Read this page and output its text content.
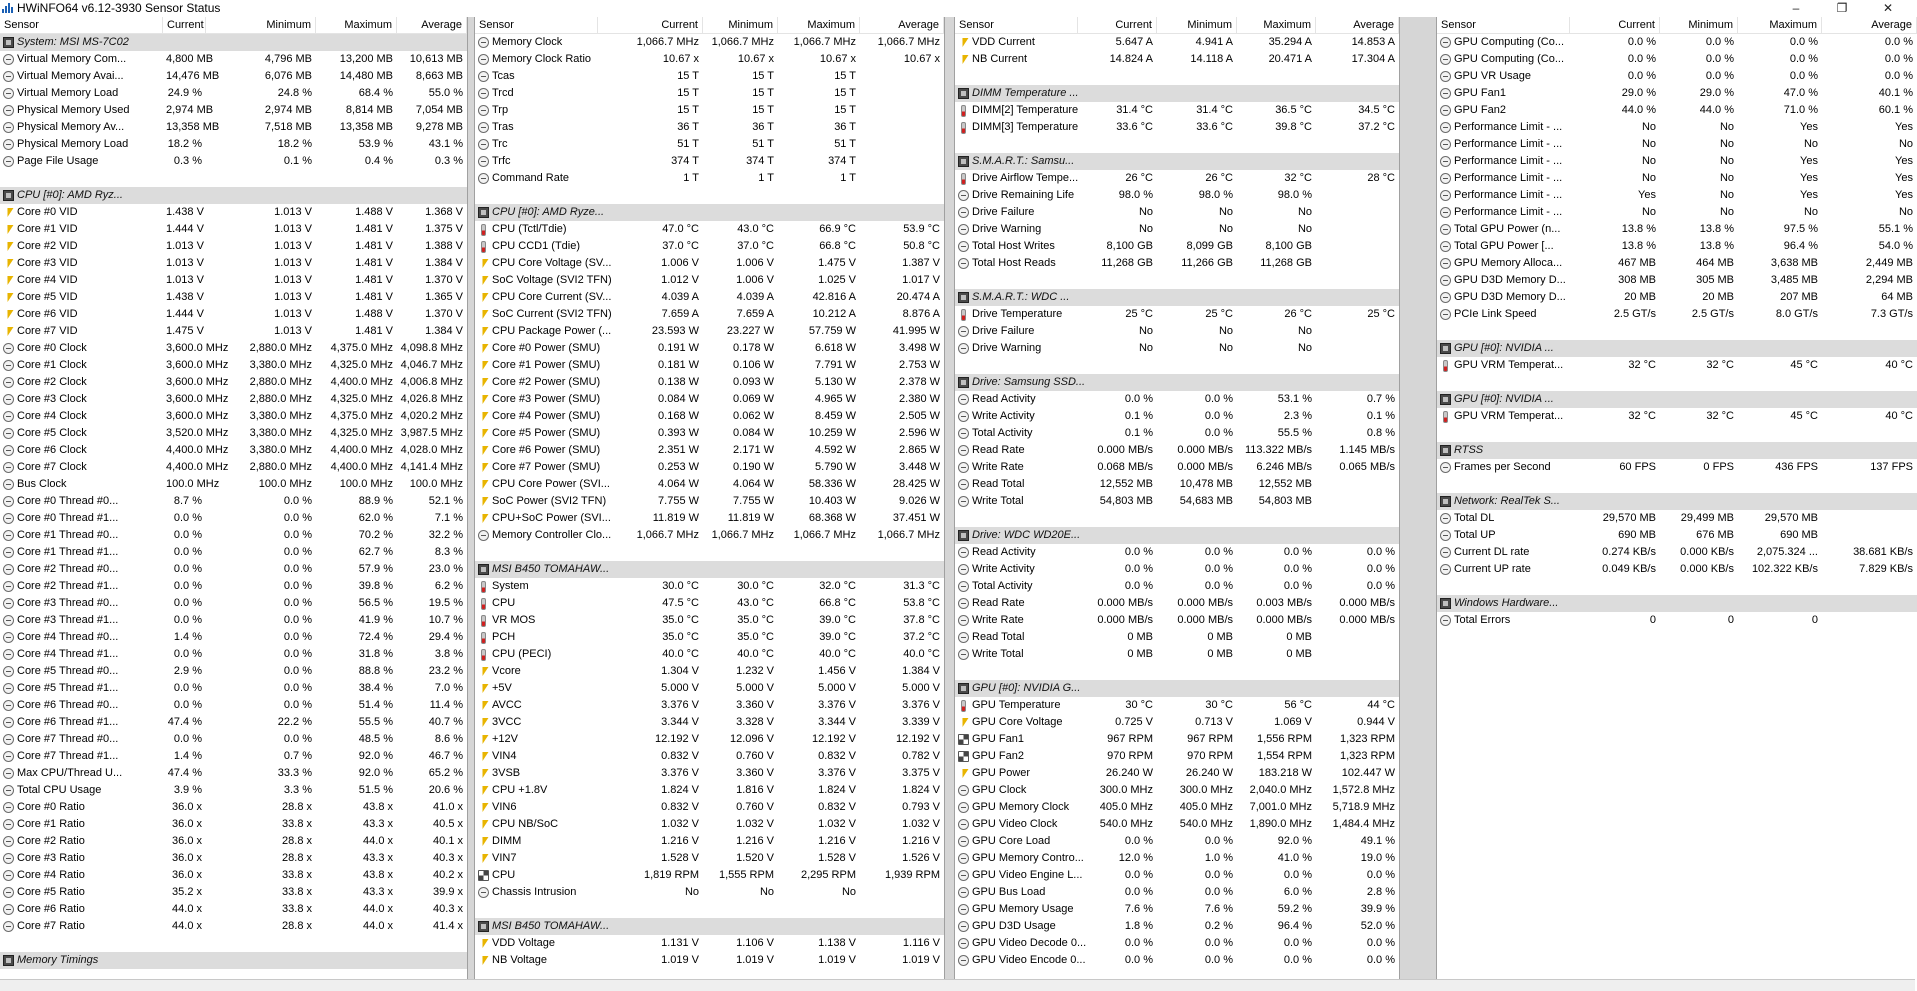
HWiNFO64 v6.12-3930 Sensor Status	–	❐	✕
Sensor	Current	Minimum	Maximum	Average
System: MSI MS-7C02
Virtual Memory Com...	4,800 MB	4,796 MB	13,200 MB	10,613 MB
Virtual Memory Avai...	14,476 MB	6,076 MB	14,480 MB	8,663 MB
Virtual Memory Load	24.9 %	24.8 %	68.4 %	55.0 %
Physical Memory Used	2,974 MB	2,974 MB	8,814 MB	7,054 MB
Physical Memory Av...	13,358 MB	7,518 MB	13,358 MB	9,278 MB
Physical Memory Load	18.2 %	18.2 %	53.9 %	43.1 %
Page File Usage	0.3 %	0.1 %	0.4 %	0.3 %
CPU [#0]: AMD Ryz...
Core #0 VID	1.438 V	1.013 V	1.488 V	1.368 V
Core #1 VID	1.444 V	1.013 V	1.481 V	1.375 V
Core #2 VID	1.013 V	1.013 V	1.481 V	1.388 V
Core #3 VID	1.013 V	1.013 V	1.481 V	1.384 V
Core #4 VID	1.013 V	1.013 V	1.481 V	1.370 V
Core #5 VID	1.438 V	1.013 V	1.481 V	1.365 V
Core #6 VID	1.444 V	1.013 V	1.488 V	1.370 V
Core #7 VID	1.475 V	1.013 V	1.481 V	1.384 V
Core #0 Clock	3,600.0 MHz	2,880.0 MHz	4,375.0 MHz 4,098.8 MHz
Core #1 Clock	3,600.0 MHz	3,380.0 MHz	4,325.0 MHz 4,046.7 MHz
Core #2 Clock	3,600.0 MHz	2,880.0 MHz	4,400.0 MHz 4,006.8 MHz
Core #3 Clock	3,600.0 MHz	2,880.0 MHz	4,325.0 MHz 4,026.8 MHz
Core #4 Clock	3,600.0 MHz	3,380.0 MHz	4,375.0 MHz 4,020.2 MHz
Core #5 Clock	3,520.0 MHz	3,380.0 MHz	4,325.0 MHz 3,987.5 MHz
Core #6 Clock	4,400.0 MHz	3,380.0 MHz	4,400.0 MHz 4,028.0 MHz
Core #7 Clock	4,400.0 MHz	2,880.0 MHz	4,400.0 MHz 4,141.4 MHz
Bus Clock	100.0 MHz	100.0 MHz	100.0 MHz	100.0 MHz
Core #0 Thread #0...	8.7 %	0.0 %	88.9 %	52.1 %
Core #0 Thread #1...	0.0 %	0.0 %	62.0 %	7.1 %
Core #1 Thread #0...	0.0 %	0.0 %	70.2 %	32.2 %
Core #1 Thread #1...	0.0 %	0.0 %	62.7 %	8.3 %
Core #2 Thread #0...	0.0 %	0.0 %	57.9 %	23.0 %
Core #2 Thread #1...	0.0 %	0.0 %	39.8 %	6.2 %
Core #3 Thread #0...	0.0 %	0.0 %	56.5 %	19.5 %
Core #3 Thread #1...	0.0 %	0.0 %	41.9 %	10.7 %
Core #4 Thread #0...	1.4 %	0.0 %	72.4 %	29.4 %
Core #4 Thread #1...	0.0 %	0.0 %	31.8 %	3.8 %
Core #5 Thread #0...	2.9 %	0.0 %	88.8 %	23.2 %
Core #5 Thread #1...	0.0 %	0.0 %	38.4 %	7.0 %
Core #6 Thread #0...	0.0 %	0.0 %	51.4 %	11.4 %
Core #6 Thread #1...	47.4 %	22.2 %	55.5 %	40.7 %
Core #7 Thread #0...	0.0 %	0.0 %	48.5 %	8.6 %
Core #7 Thread #1...	1.4 %	0.7 %	92.0 %	46.7 %
Max CPU/Thread U...	47.4 %	33.3 %	92.0 %	65.2 %
Total CPU Usage	3.9 %	3.3 %	51.5 %	20.6 %
Core #0 Ratio	36.0 x	28.8 x	43.8 x	41.0 x
Core #1 Ratio	36.0 x	33.8 x	43.3 x	40.5 x
Core #2 Ratio	36.0 x	28.8 x	44.0 x	40.1 x
Core #3 Ratio	36.0 x	28.8 x	43.3 x	40.3 x
Core #4 Ratio	36.0 x	33.8 x	43.8 x	40.2 x
Core #5 Ratio	35.2 x	33.8 x	43.3 x	39.9 x
Core #6 Ratio	44.0 x	33.8 x	44.0 x	40.3 x
Core #7 Ratio	44.0 x	28.8 x	44.0 x	41.4 x
Memory Timings
Sensor	Current	Minimum	Maximum	Average
Memory Clock	1,066.7 MHz	1,066.7 MHz	1,066.7 MHz	1,066.7 MHz
Memory Clock Ratio	10.67 x	10.67 x	10.67 x	10.67 x
Tcas	15 T	15 T	15 T
Trcd	15 T	15 T	15 T
Trp	15 T	15 T	15 T
Tras	36 T	36 T	36 T
Trc	51 T	51 T	51 T
Trfc	374 T	374 T	374 T
Command Rate	1 T	1 T	1 T
CPU [#0]: AMD Ryze...
CPU (Tctl/Tdie)	47.0 °C	43.0 °C	66.9 °C	53.9 °C
CPU CCD1 (Tdie)	37.0 °C	37.0 °C	66.8 °C	50.8 °C
CPU Core Voltage (SV...	1.006 V	1.006 V	1.475 V	1.387 V
SoC Voltage (SVI2 TFN)	1.012 V	1.006 V	1.025 V	1.017 V
CPU Core Current (SV...	4.039 A	4.039 A	42.816 A	20.474 A
SoC Current (SVI2 TFN)	7.659 A	7.659 A	10.212 A	8.876 A
CPU Package Power (...	23.593 W	23.227 W	57.759 W	41.995 W
Core #0 Power (SMU)	0.191 W	0.178 W	6.618 W	3.498 W
Core #1 Power (SMU)	0.181 W	0.106 W	7.791 W	2.753 W
Core #2 Power (SMU)	0.138 W	0.093 W	5.130 W	2.378 W
Core #3 Power (SMU)	0.084 W	0.069 W	4.965 W	2.380 W
Core #4 Power (SMU)	0.168 W	0.062 W	8.459 W	2.505 W
Core #5 Power (SMU)	0.393 W	0.084 W	10.259 W	2.596 W
Core #6 Power (SMU)	2.351 W	2.171 W	4.592 W	2.865 W
Core #7 Power (SMU)	0.253 W	0.190 W	5.790 W	3.448 W
CPU Core Power (SVI...	4.064 W	4.064 W	58.336 W	28.425 W
SoC Power (SVI2 TFN)	7.755 W	7.755 W	10.403 W	9.026 W
CPU+SoC Power (SVI...	11.819 W	11.819 W	68.368 W	37.451 W
Memory Controller Clo...	1,066.7 MHz	1,066.7 MHz	1,066.7 MHz	1,066.7 MHz
MSI B450 TOMAHAW...
System	30.0 °C	30.0 °C	32.0 °C	31.3 °C
CPU	47.5 °C	43.0 °C	66.8 °C	53.8 °C
VR MOS	35.0 °C	35.0 °C	39.0 °C	37.8 °C
PCH	35.0 °C	35.0 °C	39.0 °C	37.2 °C
CPU (PECI)	40.0 °C	40.0 °C	40.0 °C	40.0 °C
Vcore	1.304 V	1.232 V	1.456 V	1.384 V
+5V	5.000 V	5.000 V	5.000 V	5.000 V
AVCC	3.376 V	3.360 V	3.376 V	3.376 V
3VCC	3.344 V	3.328 V	3.344 V	3.339 V
+12V	12.192 V	12.096 V	12.192 V	12.192 V
VIN4	0.832 V	0.760 V	0.832 V	0.782 V
3VSB	3.376 V	3.360 V	3.376 V	3.375 V
CPU +1.8V	1.824 V	1.816 V	1.824 V	1.824 V
VIN6	0.832 V	0.760 V	0.832 V	0.793 V
CPU NB/SoC	1.032 V	1.032 V	1.032 V	1.032 V
DIMM	1.216 V	1.216 V	1.216 V	1.216 V
VIN7	1.528 V	1.520 V	1.528 V	1.526 V
CPU	1,819 RPM	1,555 RPM	2,295 RPM	1,939 RPM
Chassis Intrusion	No	No	No
MSI B450 TOMAHAW...
VDD Voltage	1.131 V	1.106 V	1.138 V	1.116 V
NB Voltage	1.019 V	1.019 V	1.019 V	1.019 V
Sensor	Current	Minimum	Maximum	Average
VDD Current	5.647 A	4.941 A	35.294 A	14.853 A
NB Current	14.824 A	14.118 A	20.471 A	17.304 A
DIMM Temperature ...
DIMM[2] Temperature	31.4 °C	31.4 °C	36.5 °C	34.5 °C
DIMM[3] Temperature	33.6 °C	33.6 °C	39.8 °C	37.2 °C
S.M.A.R.T.: Samsu...
Drive Airflow Tempe...	26 °C	26 °C	32 °C	28 °C
Drive Remaining Life	98.0 %	98.0 %	98.0 %
Drive Failure	No	No	No
Drive Warning	No	No	No
Total Host Writes	8,100 GB	8,099 GB	8,100 GB
Total Host Reads	11,268 GB	11,266 GB	11,268 GB
S.M.A.R.T.: WDC ...
Drive Temperature	25 °C	25 °C	26 °C	25 °C
Drive Failure	No	No	No
Drive Warning	No	No	No
Drive: Samsung SSD...
Read Activity	0.0 %	0.0 %	53.1 %	0.7 %
Write Activity	0.1 %	0.0 %	2.3 %	0.1 %
Total Activity	0.1 %	0.0 %	55.5 %	0.8 %
Read Rate	0.000 MB/s	0.000 MB/s	113.322 MB/s	1.145 MB/s
Write Rate	0.068 MB/s	0.000 MB/s	6.246 MB/s	0.065 MB/s
Read Total	12,552 MB	10,478 MB	12,552 MB
Write Total	54,803 MB	54,683 MB	54,803 MB
Drive: WDC WD20E...
Read Activity	0.0 %	0.0 %	0.0 %	0.0 %
Write Activity	0.0 %	0.0 %	0.0 %	0.0 %
Total Activity	0.0 %	0.0 %	0.0 %	0.0 %
Read Rate	0.000 MB/s	0.000 MB/s	0.003 MB/s	0.000 MB/s
Write Rate	0.000 MB/s	0.000 MB/s	0.000 MB/s	0.000 MB/s
Read Total	0 MB	0 MB	0 MB
Write Total	0 MB	0 MB	0 MB
GPU [#0]: NVIDIA G...
GPU Temperature	30 °C	30 °C	56 °C	44 °C
GPU Core Voltage	0.725 V	0.713 V	1.069 V	0.944 V
GPU Fan1	967 RPM	967 RPM	1,556 RPM	1,323 RPM
GPU Fan2	970 RPM	970 RPM	1,554 RPM	1,323 RPM
GPU Power	26.240 W	26.240 W	183.218 W	102.447 W
GPU Clock	300.0 MHz	300.0 MHz	2,040.0 MHz	1,572.8 MHz
GPU Memory Clock	405.0 MHz	405.0 MHz	7,001.0 MHz	5,718.9 MHz
GPU Video Clock	540.0 MHz	540.0 MHz	1,890.0 MHz	1,484.4 MHz
GPU Core Load	0.0 %	0.0 %	92.0 %	49.1 %
GPU Memory Contro...	12.0 %	1.0 %	41.0 %	19.0 %
GPU Video Engine L...	0.0 %	0.0 %	0.0 %	0.0 %
GPU Bus Load	0.0 %	0.0 %	6.0 %	2.8 %
GPU Memory Usage	7.6 %	7.6 %	59.2 %	39.9 %
GPU D3D Usage	1.8 %	0.2 %	96.4 %	52.0 %
GPU Video Decode 0...	0.0 %	0.0 %	0.0 %	0.0 %
GPU Video Encode 0...	0.0 %	0.0 %	0.0 %	0.0 %
Sensor	Current	Minimum	Maximum	Average
GPU Computing (Co...	0.0 %	0.0 %	0.0 %	0.0 %
GPU Computing (Co...	0.0 %	0.0 %	0.0 %	0.0 %
GPU VR Usage	0.0 %	0.0 %	0.0 %	0.0 %
GPU Fan1	29.0 %	29.0 %	47.0 %	40.1 %
GPU Fan2	44.0 %	44.0 %	71.0 %	60.1 %
Performance Limit - ...	No	No	Yes	Yes
Performance Limit - ...	No	No	No	No
Performance Limit - ...	No	No	Yes	Yes
Performance Limit - ...	No	No	Yes	Yes
Performance Limit - ...	Yes	No	Yes	Yes
Performance Limit - ...	No	No	No	No
Total GPU Power (n...	13.8 %	13.8 %	97.5 %	55.1 %
Total GPU Power [...	13.8 %	13.8 %	96.4 %	54.0 %
GPU Memory Alloca...	467 MB	464 MB	3,638 MB	2,449 MB
GPU D3D Memory D...	308 MB	305 MB	3,485 MB	2,294 MB
GPU D3D Memory D...	20 MB	20 MB	207 MB	64 MB
PCIe Link Speed	2.5 GT/s	2.5 GT/s	8.0 GT/s	7.3 GT/s
GPU [#0]: NVIDIA ...
GPU VRM Temperat...	32 °C	32 °C	45 °C	40 °C
GPU [#0]: NVIDIA ...
GPU VRM Temperat...	32 °C	32 °C	45 °C	40 °C
RTSS
Frames per Second	60 FPS	0 FPS	436 FPS	137 FPS
Network: RealTek S...
Total DL	29,570 MB	29,499 MB	29,570 MB
Total UP	690 MB	676 MB	690 MB
Current DL rate	0.274 KB/s	0.000 KB/s	2,075.324 ...	38.681 KB/s
Current UP rate	0.049 KB/s	0.000 KB/s	102.322 KB/s	7.829 KB/s
Windows Hardware...
Total Errors	0	0	0
